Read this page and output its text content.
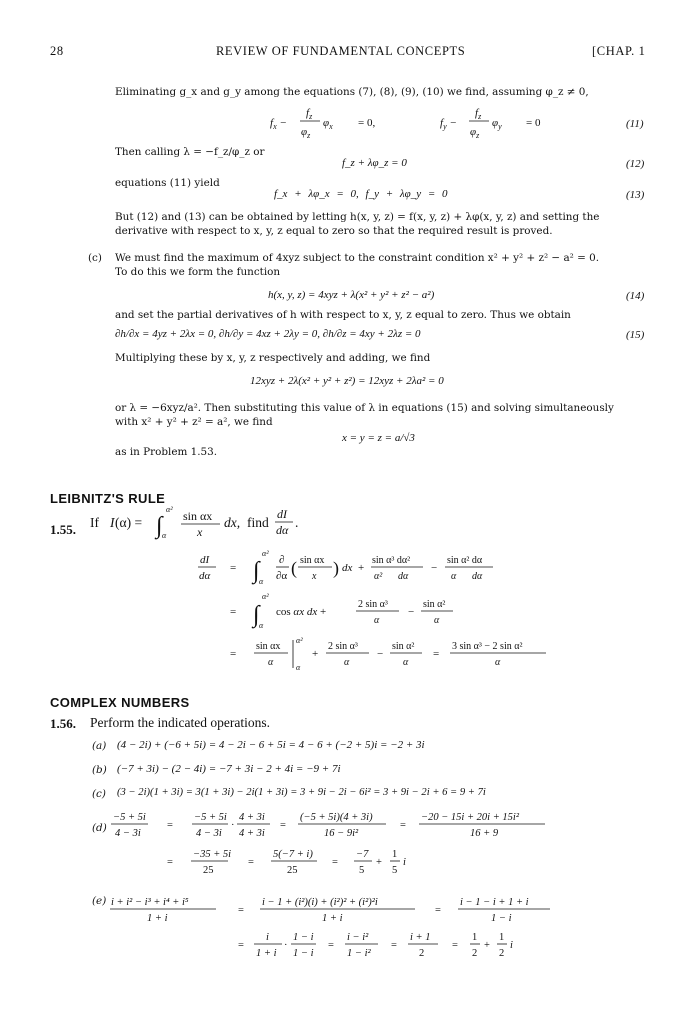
28	REVIEW OF FUNDAMENTAL CONCEPTS	[CHAP. 1
Eliminating g_x and g_y among the equations (7), (8), (9), (10) we find, assuming φ_z ≠ 0,
$f_x$ −
$f_z$
$\varphi_z$
$\varphi_x = 0$,	$f_y$ −
$f_z$
$\varphi_z$
$\varphi_y = 0$	(11)
Then calling λ = −f_z/φ_z or
f_z + λφ_z = 0	(12)
equations (11) yield
f_x + λφ_x = 0, f_y + λφ_y = 0	(13)
But (12) and (13) can be obtained by letting h(x, y, z) = f(x, y, z) + λφ(x, y, z) and setting the
derivative with respect to x, y, z equal to zero so that the required result is proved.
(c) We must find the maximum of 4xyz subject to the constraint condition x² + y² + z² − a² = 0.
To do this we form the function
h(x, y, z) = 4xyz + λ(x² + y² + z² − a²)	(14)
and set the partial derivatives of h with respect to x, y, z equal to zero. Thus we obtain
∂h/∂x = 4yz + 2λx = 0, ∂h/∂y = 4xz + 2λy = 0, ∂h/∂z = 4xy + 2λz = 0	(15)
Multiplying these by x, y, z respectively and adding, we find
12xyz + 2λ(x² + y² + z²) = 12xyz + 2λa² = 0
or λ = −6xyz/a². Then substituting this value of λ in equations (15) and solving simultaneously
with x² + y² + z² = a², we find
x = y = z = a/√3
as in Problem 1.53.
LEIBNITZ'S RULE
1.55. If I (α) = ∫
α²
α
sin αx
x
dx, find
dI
dα .
dI
dα
= ∫
α²
α
∂
∂α ( sin αx
x ) dx +
sin α³ dα²
α² dα
−
sin α² dα
α dα
= ∫
α²
α
cos αx dx +
2 sin α³
α
−
sin α²
α
=
sin αx
α
α²
α
+
2 sin α³
α
−
sin α²
α
=
3 sin α³ − 2 sin α²
α
COMPLEX NUMBERS
1.56. Perform the indicated operations.
(a) (4 − 2i) + (−6 + 5i) = 4 − 2i − 6 + 5i = 4 − 6 + (−2 + 5)i = −2 + 3i
(b) (−7 + 3i) − (2 − 4i) = −7 + 3i − 2 + 4i = −9 + 7i
(c) (3 − 2i)(1 + 3i) = 3(1 + 3i) − 2i(1 + 3i) = 3 + 9i − 2i − 6i² = 3 + 9i − 2i + 6 = 9 + 7i
(d)
−5 + 5i
4 − 3i
=
−5 + 5i
4 − 3i
·
4 + 3i
4 + 3i
=
(−5 + 5i)(4 + 3i)
16 − 9i²
=
−20 − 15i + 20i + 15i²
16 + 9
=
−35 + 5i
25
=
5(−7 + i)
25
=
−7
5
+
1
5
i
i + i² − i³ + i⁴ + i⁵
1 + i
=
i − 1 + (i²)(i) + (i²)² + (i²)²i
1 + i
=
i − 1 − i + 1 + i
1 − i
=
i
1 + i
·
1 − i
1 − i
=
i − i²
1 − i²
=
i + 1
2
=
1
2
+
1
2
i
(e)
